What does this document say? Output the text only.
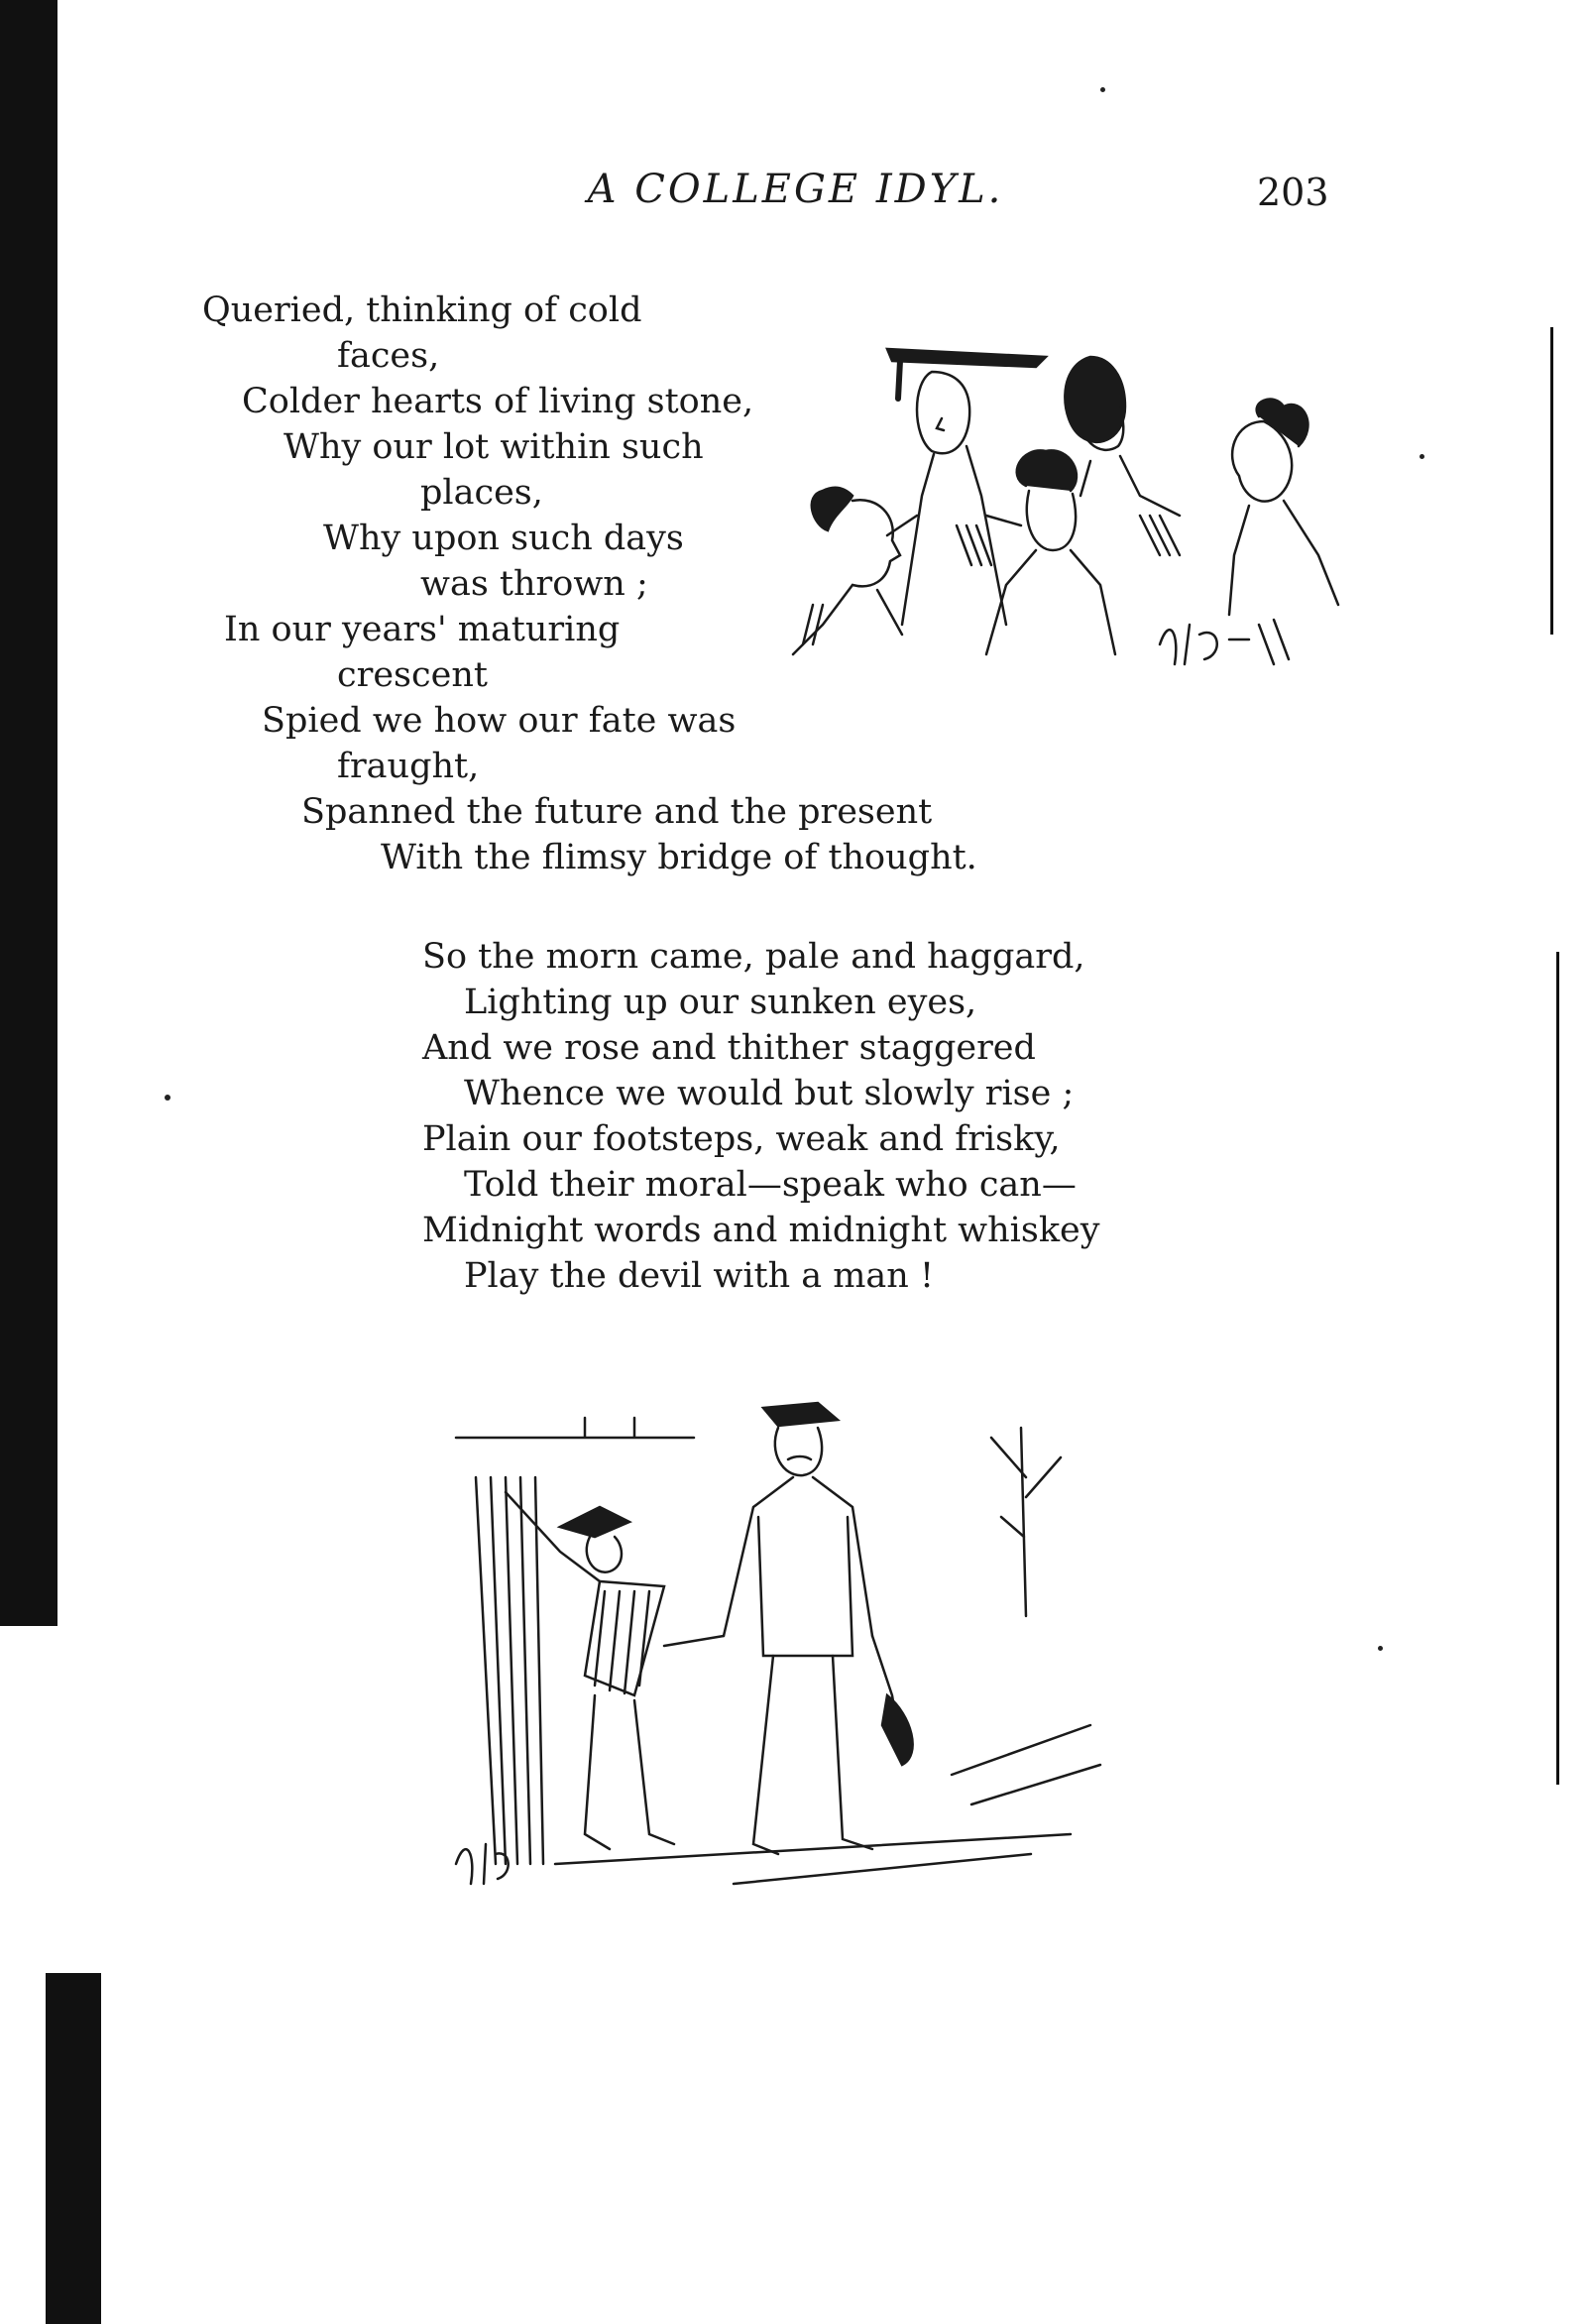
A COLLEGE IDYL.	203
Queried, thinking of cold
faces,
Colder hearts of living stone,
Why our lot within such
places,
Why upon such days
was thrown ;
In our years' maturing
crescent
Spied we how our fate was
fraught,
Spanned the future and the present
With the flimsy bridge of thought.
So the morn came, pale and haggard,
Lighting up our sunken eyes,
And we rose and thither staggered
Whence we would but slowly rise ;
Plain our footsteps, weak and frisky,
Told their moral—speak who can—
Midnight words and midnight whiskey
Play the devil with a man !
